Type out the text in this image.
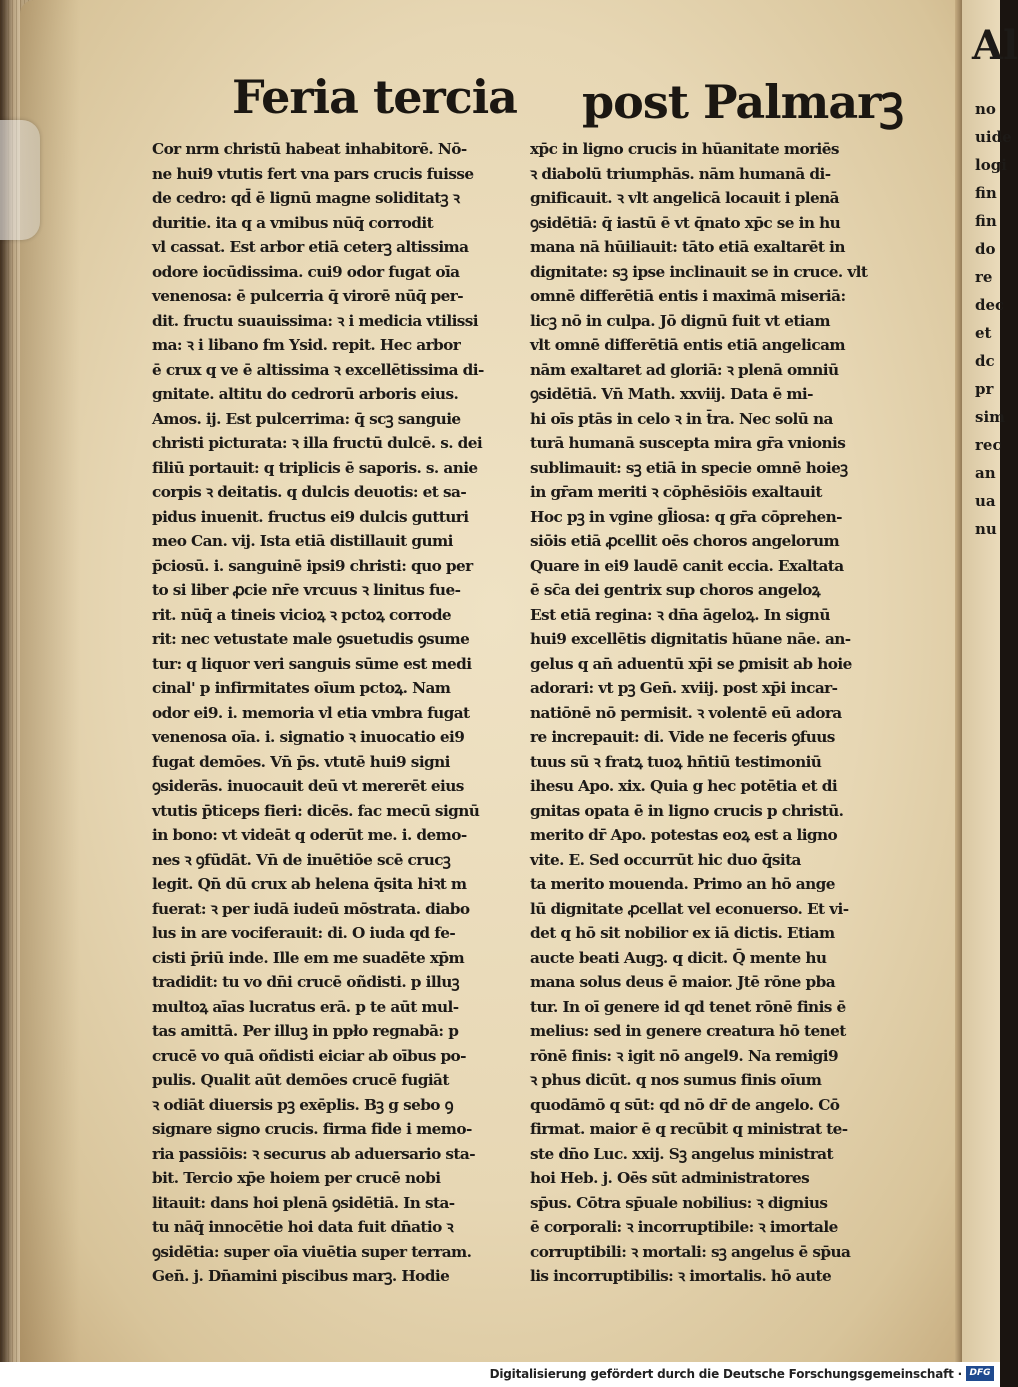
Feria tercia post Palmarꝫ
Cor nrm christū habeat inhabitorē. Nō-
ne hui9 vtutis fert vna pars crucis fuisse
de cedro: qd̄ ē lignū magne soliditatꝫ ꝛ
duritie. ita q a vmibus nūq̄ corrodit
vl cassat. Est arbor etiā ceterꝫ altissima
odore iocūdissima. cui9 odor fugat oīa
venenosa: ē pulcerria q̄ virorē nūq̄ per-
dit. fructu suauissima: ꝛ i medicia vtilissi
ma: ꝛ i libano fm Ysid. repit. Hec arbor
ē crux q ve ē altissima ꝛ excellētissima di-
gnitate. altitu do cedrorū arboris eius.
Amos. ij. Est pulcerrima: q̄ scꝫ sanguie
christi picturata: ꝛ illa fructū dulcē. s. dei
filiū portauit: q triplicis ē saporis. s. anie
corpis ꝛ deitatis. q dulcis deuotis: et sa-
pidus inuenit. fructus ei9 dulcis gutturi
meo Can. vij. Ista etiā distillauit gumi
p̄ciosū. i. sanguinē ipsi9 christi: quo per
to si liber ꝓcie nr̄e vrcuus ꝛ linitus fue-
rit. nūq̄ a tineis vicioꝝ ꝛ pctoꝝ corrode
rit: nec vetustate male ꝯsuetudis ꝯsume
tur: q liquor veri sanguis sūme est medi
cinal' p infirmitates oīum pctoꝝ. Nam
odor ei9. i. memoria vl etia vmbra fugat
venenosa oīa. i. signatio ꝛ inuocatio ei9
fugat demōes. Vn̄ p̄s. vtutē hui9 signi
ꝯsiderās. inuocauit deū vt mererēt eius
vtutis p̄ticeps fieri: dicēs. fac mecū signū
in bono: vt videāt q oderūt me. i. demo-
nes ꝛ ꝯfūdāt. Vn̄ de inuētiōe scē crucꝫ
legit. Qn̄ dū crux ab helena q̄sita hiꝛt m
fuerat: ꝛ per iudā iudeū mōstrata. diabo
lus in are vociferauit: di. O iuda qd fe-
cisti p̄riū inde. Ille em me suadēte xp̄m
tradidit: tu vo dn̄i crucē oñdisti. p illuꝫ
multoꝝ aīas lucratus erā. p te aūt mul-
tas amittā. Per illuꝫ in ppło regnabā: p
crucē vo quā oñdisti eiciar ab oībus po-
pulis. Qualit aūt demōes crucē fugiāt
ꝛ odiāt diuersis pꝫ exēplis. Bꝫ g sebo ꝯ
signare signo crucis. firma fide i memo-
ria passiōis: ꝛ securus ab aduersario sta-
bit. Tercio xp̄e hoiem per crucē nobi
litauit: dans hoi plenā ꝯsidētiā. In sta-
tu nāq̄ innocētie hoi data fuit dn̄atio ꝛ
ꝯsidētia: super oīa viuētia super terram.
Gen̄. j. Dn̄amini piscibus marꝫ. Hodie
xp̄c in ligno crucis in hūanitate moriēs
ꝛ diabolū triumphās. nām humanā di-
gnificauit. ꝛ vlt angelicā locauit i plenā
ꝯsidētiā: q̄ iastū ē vt q̄nato xp̄c se in hu
mana nā hūiliauit: tāto etiā exaltarēt in
dignitate: sꝫ ipse inclinauit se in cruce. vlt
omnē differētiā entis i maximā miseriā:
licꝫ nō in culpa. Jō dignū fuit vt etiam
vlt omnē differētiā entis etiā angelicam
nām exaltaret ad gloriā: ꝛ plenā omniū
ꝯsidētiā. Vn̄ Math. xxviij. Data ē mi-
hi oīs ptās in celo ꝛ in t̄ra. Nec solū na
turā humanā suscepta mira gr̄a vnionis
sublimauit: sꝫ etiā in specie omnē hoieꝫ
in gr̄am meriti ꝛ cōphēsiōis exaltauit
Hoc pꝫ in vgine gl̄iosa: q gr̄a cōprehen-
siōis etiā ꝓcellit oēs choros angelorum
Quare in ei9 laudē canit eccia. Exaltata
ē sc̄a dei gentrix sup choros angeloꝝ
Est etiā regina: ꝛ dn̄a āgeloꝝ. In signū
hui9 excellētis dignitatis hūane nāe. an-
gelus q an̄ aduentū xp̄i se ꝑmisit ab hoie
adorari: vt pꝫ Gen̄. xviij. post xp̄i incar-
natiōnē nō permisit. ꝛ volentē eū adora
re increpauit: di. Vide ne feceris ꝯfuus
tuus sū ꝛ fratꝝ tuoꝝ hn̄tiū testimoniū
ihesu Apo. xix. Quia g hec potētia et di
gnitas opata ē in ligno crucis p christū.
merito dr̄ Apo. potestas eoꝝ est a ligno
vite. E. Sed occurrūt hic duo q̄sita
ta merito mouenda. Primo an hō ange
lū dignitate ꝓcellat vel econuerso. Et vi-
det q hō sit nobilior ex iā dictis. Etiam
aucte beati Augꝫ. q dicit. Q̄ mente hu
mana solus deus ē maior. Jtē rōne pba
tur. In oī genere id qd tenet rōnē finis ē
melius: sed in genere creatura hō tenet
rōnē finis: ꝛ igit nō angel9. Na remigi9
ꝛ phus dicūt. q nos sumus finis oīum
quodāmō q sūt: qd nō dr̄ de angelo. Cō
firmat. maior ē q recūbit q ministrat te-
ste dn̄o Luc. xxij. Sꝫ angelus ministrat
hoi Heb. j. Oēs sūt administratores
sp̄us. Cōtra sp̄uale nobilius: ꝛ dignius
ē corporali: ꝛ incorruptibile: ꝛ imortale
corruptibili: ꝛ mortali: sꝫ angelus ē sp̄ua
lis incorruptibilis: ꝛ imortalis. hō aute
Al
no
uide
logi
fin
fin
do
re
dec
et
dc
pr
sim
rec
an
ua
nu
Digitalisierung gefördert durch die Deutsche Forschungsgemeinschaft · DFG
